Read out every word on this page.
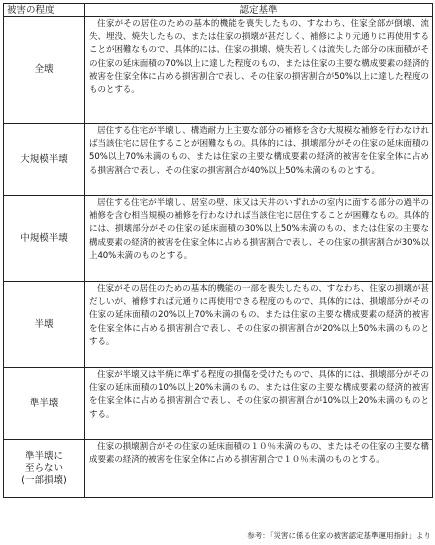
被害の程度	認定基準
全壊	住家がその居住のための基本的機能を喪失したもの、すなわち、住家全部が倒壊、流失、埋没、焼失したもの、または住家の損壊が甚だしく、補修により元通りに再使用することが困難なもので、具体的には、住家の損壊、焼失若しくは流失した部分の床面積がその住家の延床面積の70%以上に達した程度のもの、または住家の主要な構成要素の経済的被害を住家全体に占める損害割合で表し、その住家の損害割合が50%以上に達した程度のものとする。

大規模半壊	居住する住宅が半壊し、構造耐力上主要な部分の補修を含む大規模な補修を行わなければ当該住宅に居住することが困難なもの。具体的には、損壊部分がその住家の延床面積の50%以上70%未満のもの、または住家の主要な構成要素の経済的被害を住家全体に占める損害割合で表し、その住家の損害割合が40%以上50%未満のものとする。

中規模半壊	居住する住宅が半壊し、居室の壁、床又は天井のいずれかの室内に面する部分の過半の補修を含む相当規模の補修を行わなければ当該住宅に居住することが困難なもの。具体的には、損壊部分がその住家の延床面積の30%以上50%未満のもの、または住家の主要な構成要素の経済的被害を住家全体に占める損害割合で表し、その住家の損害割合が30%以上40%未満のものとする。

半壊	住家がその居住のための基本的機能の一部を喪失したもの、すなわち、住家の損壊が甚だしいが、補修すれば元通りに再使用できる程度のもので、具体的には、損壊部分がその住家の延床面積の20%以上70%未満のもの、または住家の主要な構成要素の経済的被害を住家全体に占める損害割合で表し、その住家の損害割合が20%以上50%未満のものとする。

準半壊	住家が半壊又は半焼に準ずる程度の損傷を受けたもので、具体的には、損壊部分がその住家の延床面積の10%以上20%未満のもの、または住家の主要な構成要素の経済的被害を住家全体に占める損害割合で表し、その住家の損害割合が10%以上20%未満のものとする。

準半壊に
至らない
(一部損壊)	住家の損壊割合がその住家の延床面積の１０％未満のもの、またはその住家の主要な構成要素の経済的被害を住家全体に占める損害割合で１０％未満のものとする。

参考：「災害に係る住家の被害認定基準運用指針」より
